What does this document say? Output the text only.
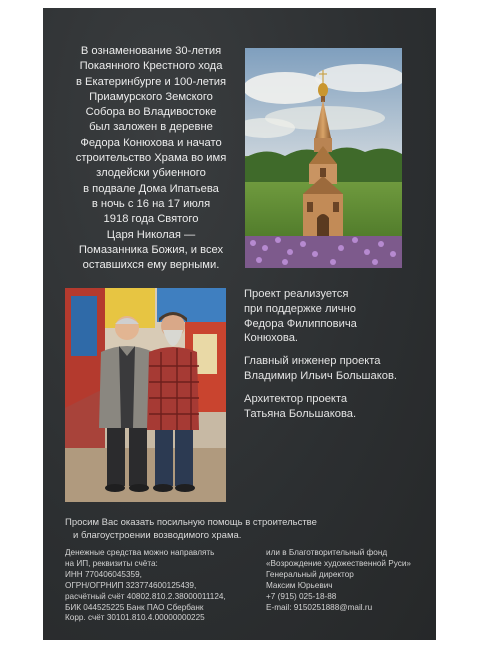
В ознаменование 30-летия
Покаянного Крестного хода
в Екатеринбурге и 100-летия
Приамурского Земского
Собора во Владивостоке
был заложен в деревне
Федора Конюхова и начато
строительство Храма во имя
злодейски убиенного
в подвале Дома Ипатьева
в ночь с 16 на 17 июля
1918 года Святого
Царя Николая —
Помазанника Божия, и всех
оставшихся ему верными.
Проект реализуется
при поддержке лично
Федора Филипповича
Конюхова.
Главный инженер проекта
Владимир Ильич Большаков.
Архитектор проекта
Татьяна Большакова.
Просим Вас оказать посильную помощь в строительстве
и благоустроении возводимого храма.
Денежные средства можно направлять
на ИП, реквизиты счёта:
ИНН 770406045359,
ОГРН/ОГРНИП 323774600125439,
расчётный счёт 40802.810.2.38000011124,
БИК 044525225 Банк ПАО Сбербанк
Корр. счёт 30101.810.4.00000000225
или в Благотворительный фонд
«Возрождение художественной Руси»
Генеральный директор
Максим Юрьевич
+7 (915) 025-18-88
E-mail: 9150251888@mail.ru
